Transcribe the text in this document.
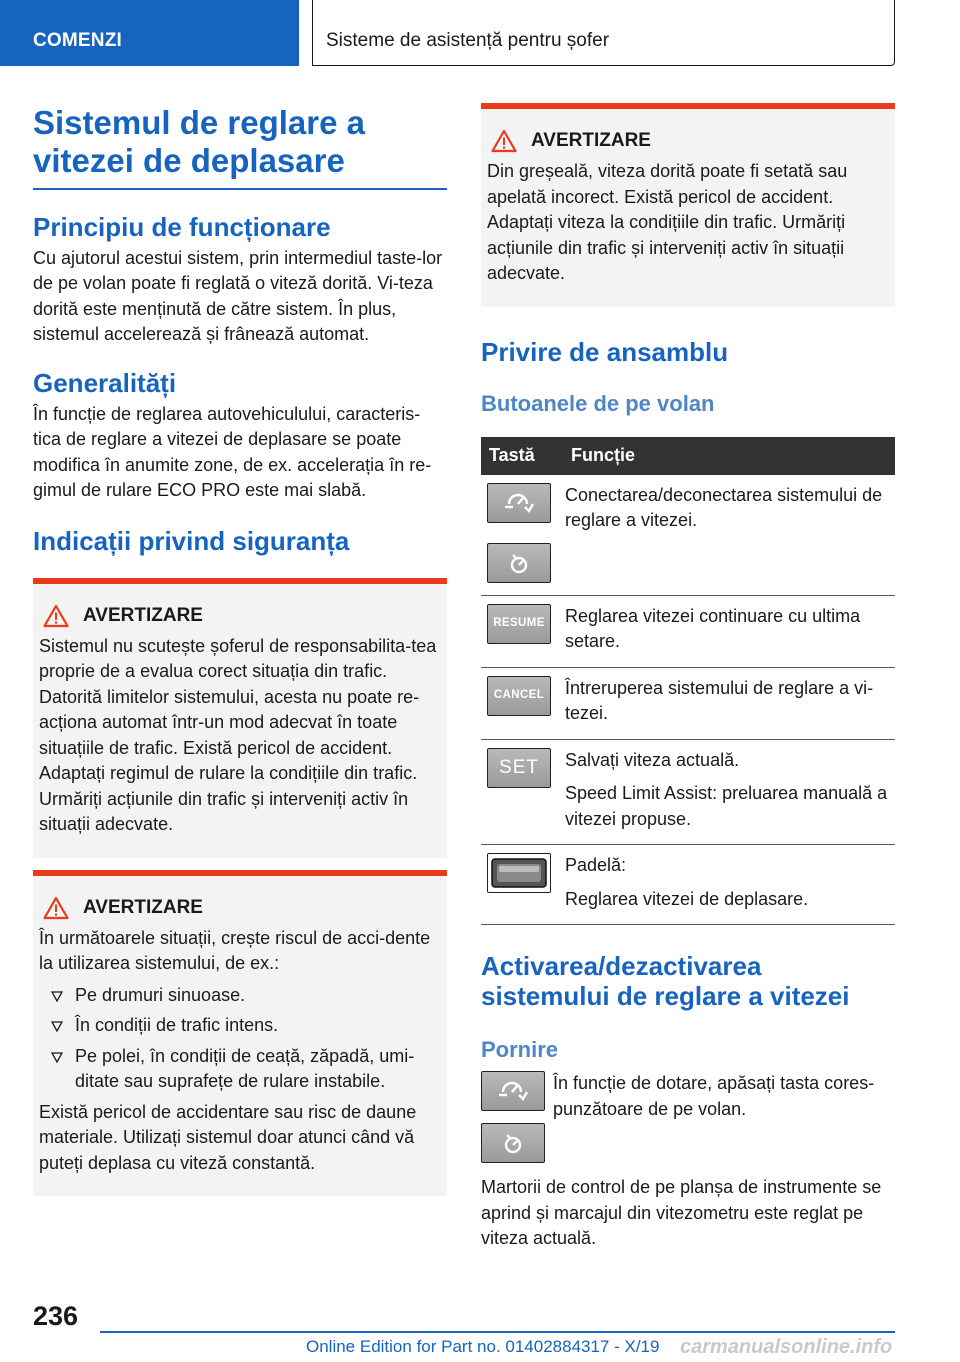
COMENZI	Sisteme de asistență pentru șofer
Sistemul de reglare a vitezei de deplasare
Principiu de funcționare

Cu ajutorul acestui sistem, prin intermediul taste-lor de pe volan poate fi reglată o viteză dorită. Vi-teza dorită este menținută de către sistem. În plus, sistemul accelerează și frânează automat.

Generalități

În funcție de reglarea autovehiculului, caracteris-tica de reglare a vitezei de deplasare se poate modifica în anumite zone, de ex. accelerația în re-gimul de rulare ECO PRO este mai slabă.

Indicații privind siguranța
AVERTIZARE

Sistemul nu scutește șoferul de responsabilita-tea proprie de a evalua corect situația din trafic. Datorită limitelor sistemului, acesta nu poate re-acționa automat într-un mod adecvat în toate situațiile de trafic. Există pericol de accident. Adaptați regimul de rulare la condițiile din trafic. Urmăriți acțiunile din trafic și interveniți activ în situații adecvate.

AVERTIZARE

În următoarele situații, crește riscul de acci-dente la utilizarea sistemului, de ex.:

Pe drumuri sinuoase.
În condiții de trafic intens.
Pe polei, în condiții de ceață, zăpadă, umi-ditate sau suprafețe de rulare instabile.

Există pericol de accidentare sau risc de daune materiale. Utilizați sistemul doar atunci când vă puteți deplasa cu viteză constantă.

AVERTIZARE

Din greșeală, viteza dorită poate fi setată sau apelată incorect. Există pericol de accident. Adaptați viteza la condițiile din trafic. Urmăriți acțiunile din trafic și interveniți activ în situații adecvate.

Privire de ansamblu
Butoanele de pe volan
Tastă	Funcție

Conectarea/deconectarea sistemului de reglare a vitezei.

RESUME	Reglarea vitezei continuare cu ultima setare.

CANCEL	Întreruperea sistemului de reglare a vi-tezei.

SET	Salvați viteza actuală.
Speed Limit Assist: preluarea manuală a vitezei propuse.

Padelă:
Reglarea vitezei de deplasare.
Activarea/dezactivarea sistemului de reglare a vitezei
Pornire

În funcție de dotare, apăsați tasta cores-punzătoare de pe volan.

Martorii de control de pe planșa de instrumente se aprind și marcajul din vitezometru este reglat pe viteza actuală.

236
Online Edition for Part no. 01402884317 - X/19 carmanualsonline.info
